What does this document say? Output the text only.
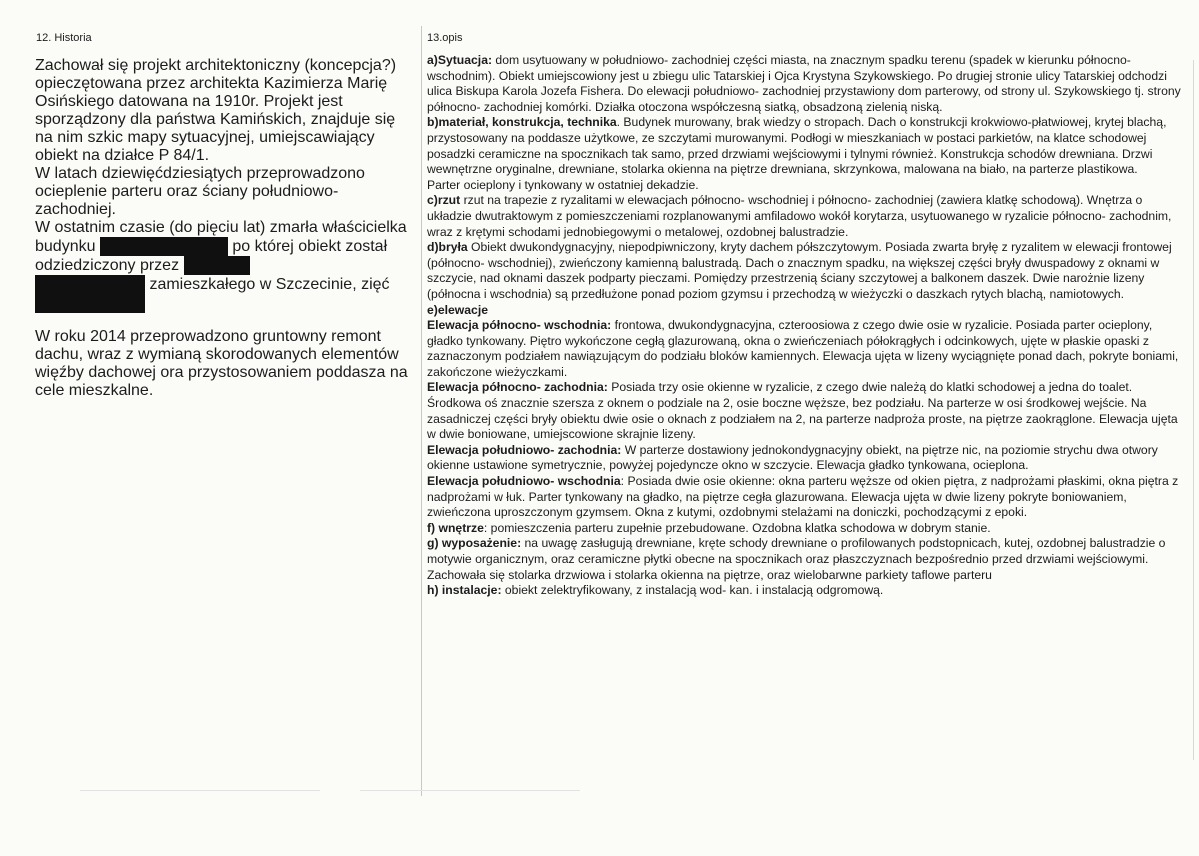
12. Historia

Zachował się projekt architektoniczny (koncepcja?) opieczętowana przez architekta Kazimierza Marię Osińskiego datowana na 1910r. Projekt jest sporządzony dla państwa Kamińskich, znajduje się na nim szkic mapy sytuacyjnej, umiejscawiający obiekt na działce P 84/1.

W latach dziewięćdziesiątych przeprowadzono ocieplenie parteru oraz ściany południowo-zachodniej.

W ostatnim czasie (do pięciu lat) zmarła właścicielka budynku	po której obiekt został odziedziczony przez
zamieszkałego w Szczecinie, zięć

W roku 2014 przeprowadzono gruntowny remont dachu, wraz z wymianą skorodowanych elementów więźby dachowej ora przystosowaniem poddasza na cele mieszkalne.

13.opis

a)Sytuacja: dom usytuowany w południowo- zachodniej części miasta, na znacznym spadku terenu (spadek w kierunku północno-wschodnim). Obiekt umiejscowiony jest u zbiegu ulic Tatarskiej i Ojca Krystyna Szykowskiego. Po drugiej stronie ulicy Tatarskiej odchodzi ulica Biskupa Karola Jozefa Fishera. Do elewacji południowo- zachodniej przystawiony dom parterowy, od strony ul. Szykowskiego tj. strony północno- zachodniej komórki. Działka otoczona współczesną siatką, obsadzoną zielenią niską.

b)materiał, konstrukcja, technika. Budynek murowany, brak wiedzy o stropach. Dach o konstrukcji krokwiowo-płatwiowej, krytej blachą, przystosowany na poddasze użytkowe, ze szczytami murowanymi. Podłogi w mieszkaniach w postaci parkietów, na klatce schodowej posadzki ceramiczne na spocznikach tak samo, przed drzwiami wejściowymi i tylnymi również. Konstrukcja schodów drewniana. Drzwi wewnętrzne oryginalne, drewniane, stolarka okienna na piętrze drewniana, skrzynkowa, malowana na biało, na parterze plastikowa.

Parter ocieplony i tynkowany w ostatniej dekadzie.

c)rzut rzut na trapezie z ryzalitami w elewacjach północno- wschodniej i północno- zachodniej (zawiera klatkę schodową). Wnętrza o układzie dwutraktowym z pomieszczeniami rozplanowanymi amfiladowo wokół korytarza, usytuowanego w ryzalicie północno- zachodnim, wraz z krętymi schodami jednobiegowymi o metalowej, ozdobnej balustradzie.

d)bryła Obiekt dwukondygnacyjny, niepodpiwniczony, kryty dachem półszczytowym. Posiada zwarta bryłę z ryzalitem w elewacji frontowej (północno- wschodniej), zwieńczony kamienną balustradą. Dach o znacznym spadku, na większej części bryły dwuspadowy z oknami w szczycie, nad oknami daszek podparty pieczami. Pomiędzy przestrzenią ściany szczytowej a balkonem daszek. Dwie narożnie lizeny (północna i wschodnia) są przedłużone ponad poziom gzymsu i przechodzą w wieżyczki o daszkach rytych blachą, namiotowych.

e)elewacje

Elewacja północno- wschodnia: frontowa, dwukondygnacyjna, czteroosiowa z czego dwie osie w ryzalicie. Posiada parter ocieplony, gładko tynkowany. Piętro wykończone cegłą glazurowaną, okna o zwieńczeniach półokrągłych i odcinkowych, ujęte w płaskie opaski z zaznaczonym podziałem nawiązującym do podziału bloków kamiennych. Elewacja ujęta w lizeny wyciągnięte ponad dach, pokryte boniami, zakończone wieżyczkami.

Elewacja północno- zachodnia: Posiada trzy osie okienne w ryzalicie, z czego dwie należą do klatki schodowej a jedna do toalet. Środkowa oś znacznie szersza z oknem o podziale na 2, osie boczne węższe, bez podziału. Na parterze w osi środkowej wejście. Na zasadniczej części bryły obiektu dwie osie o oknach z podziałem na 2, na parterze nadproża proste, na piętrze zaokrąglone. Elewacja ujęta w dwie boniowane, umiejscowione skrajnie lizeny.

Elewacja południowo- zachodnia: W parterze dostawiony jednokondygnacyjny obiekt, na piętrze nic, na poziomie strychu dwa otwory okienne ustawione symetrycznie, powyżej pojedyncze okno w szczycie. Elewacja gładko tynkowana, ocieplona.

Elewacja południowo- wschodnia: Posiada dwie osie okienne: okna parteru węższe od okien piętra, z nadprożami płaskimi, okna piętra z nadprożami w łuk. Parter tynkowany na gładko, na piętrze cegła glazurowana. Elewacja ujęta w dwie lizeny pokryte boniowaniem, zwieńczona uproszczonym gzymsem. Okna z kutymi, ozdobnymi stelażami na doniczki, pochodzącymi z epoki.

f) wnętrze: pomieszczenia parteru zupełnie przebudowane. Ozdobna klatka schodowa w dobrym stanie.

g) wyposażenie: na uwagę zasługują drewniane, kręte schody drewniane o profilowanych podstopnicach, kutej, ozdobnej balustradzie o motywie organicznym, oraz ceramiczne płytki obecne na spocznikach oraz płaszczyznach bezpośrednio przed drzwiami wejściowymi. Zachowała się stolarka drzwiowa i stolarka okienna na piętrze, oraz wielobarwne parkiety taflowe parteru

h) instalacje: obiekt zelektryfikowany, z instalacją wod- kan. i instalacją odgromową.
